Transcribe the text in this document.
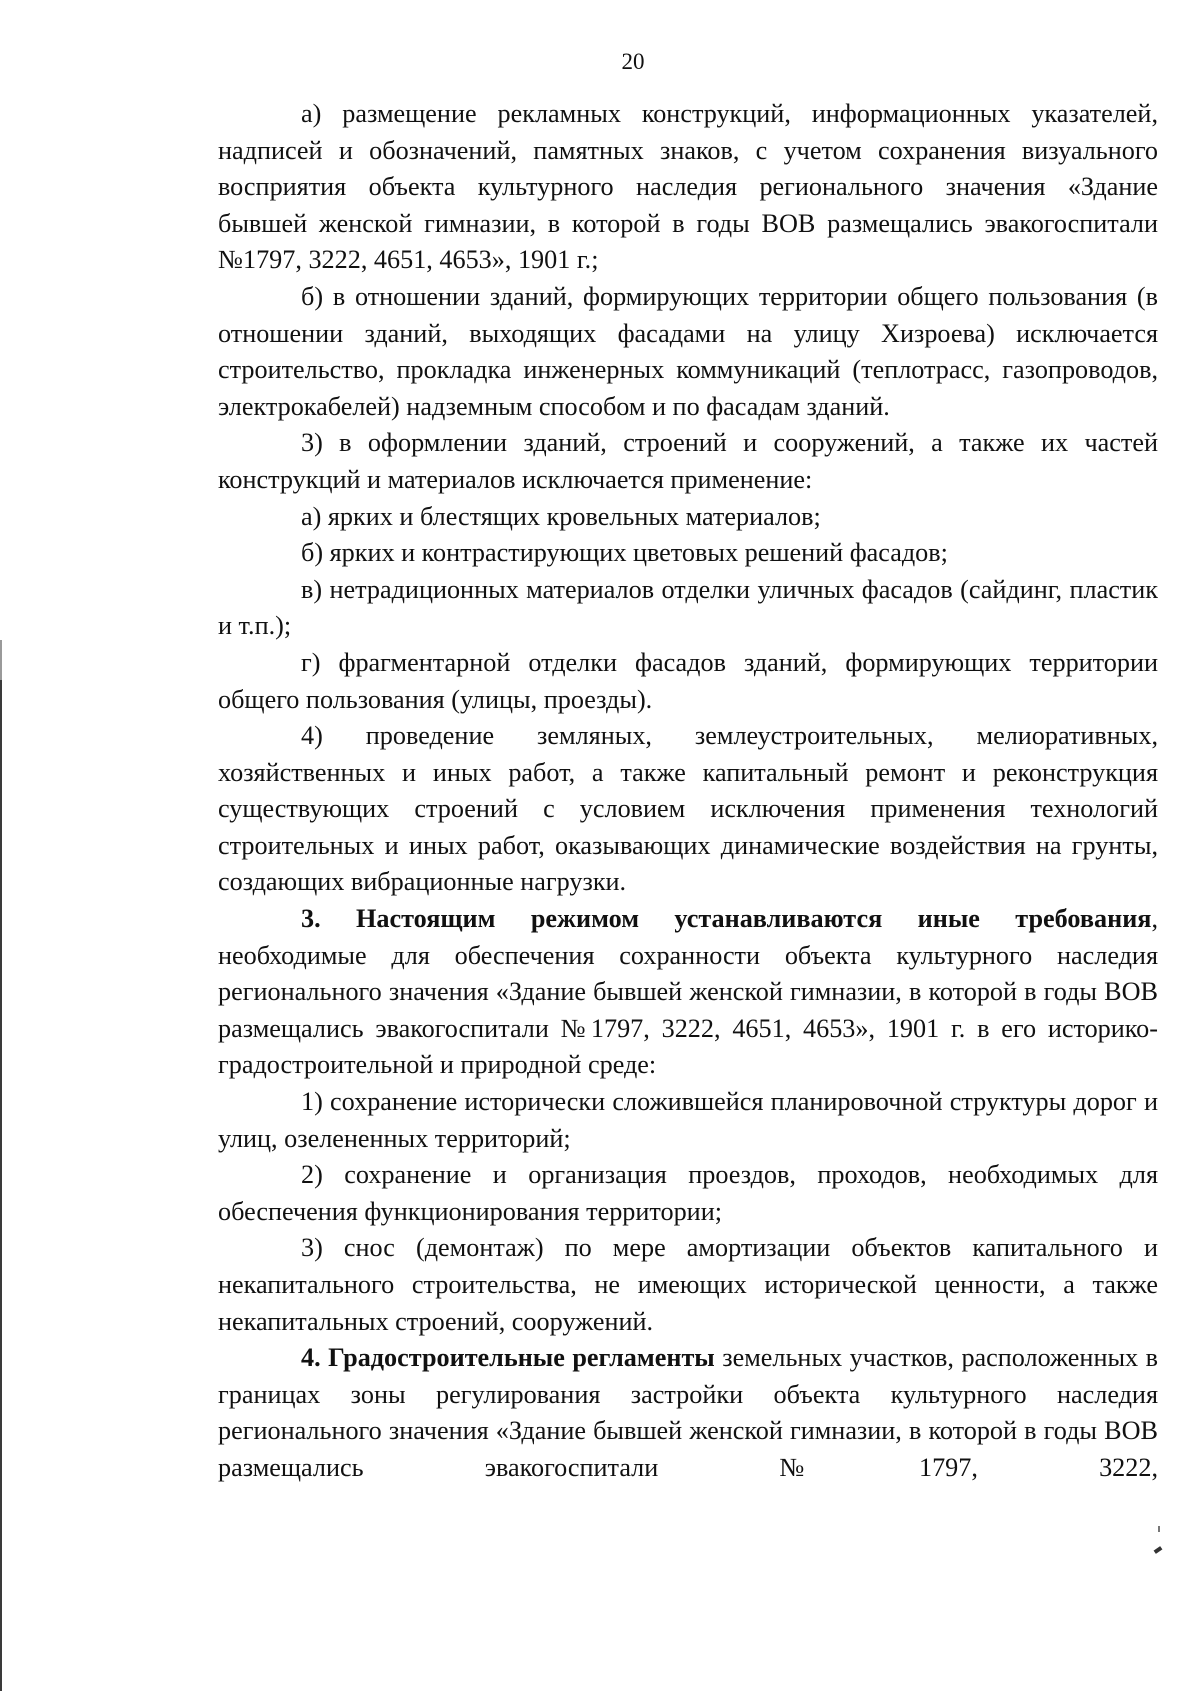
20

а) размещение рекламных конструкций, информационных указателей, надписей и обозначений, памятных знаков, с учетом сохранения визуального восприятия объекта культурного наследия регионального значения «Здание бывшей женской гимназии, в которой в годы ВОВ размещались эвакогоспитали №1797, 3222, 4651, 4653», 1901 г.;

б) в отношении зданий, формирующих территории общего пользования (в отношении зданий, выходящих фасадами на улицу Хизроева) исключается строительство, прокладка инженерных коммуникаций (теплотрасс, газопроводов, электрокабелей) надземным способом и по фасадам зданий.

3) в оформлении зданий, строений и сооружений, а также их частей конструкций и материалов исключается применение:

а) ярких и блестящих кровельных материалов;

б) ярких и контрастирующих цветовых решений фасадов;

в) нетрадиционных материалов отделки уличных фасадов (сайдинг, пластик и т.п.);

г) фрагментарной отделки фасадов зданий, формирующих территории общего пользования (улицы, проезды).

4) проведение земляных, землеустроительных, мелиоративных, хозяйственных и иных работ, а также капитальный ремонт и реконструкция существующих строений с условием исключения применения технологий строительных и иных работ, оказывающих динамические воздействия на грунты, создающих вибрационные нагрузки.

3. Настоящим режимом устанавливаются иные требования, необходимые для обеспечения сохранности объекта культурного наследия регионального значения «Здание бывшей женской гимназии, в которой в годы ВОВ размещались эвакогоспитали №1797, 3222, 4651, 4653», 1901 г. в его историко-градостроительной и природной среде:

1) сохранение исторически сложившейся планировочной структуры дорог и улиц, озелененных территорий;

2) сохранение и организация проездов, проходов, необходимых для обеспечения функционирования территории;

3) снос (демонтаж) по мере амортизации объектов капитального и некапитального строительства, не имеющих исторической ценности, а также некапитальных строений, сооружений.

4. Градостроительные регламенты земельных участков, расположенных в границах зоны регулирования застройки объекта культурного наследия регионального значения «Здание бывшей женской гимназии, в которой в годы ВОВ размещались эвакогоспитали №1797, 3222,
